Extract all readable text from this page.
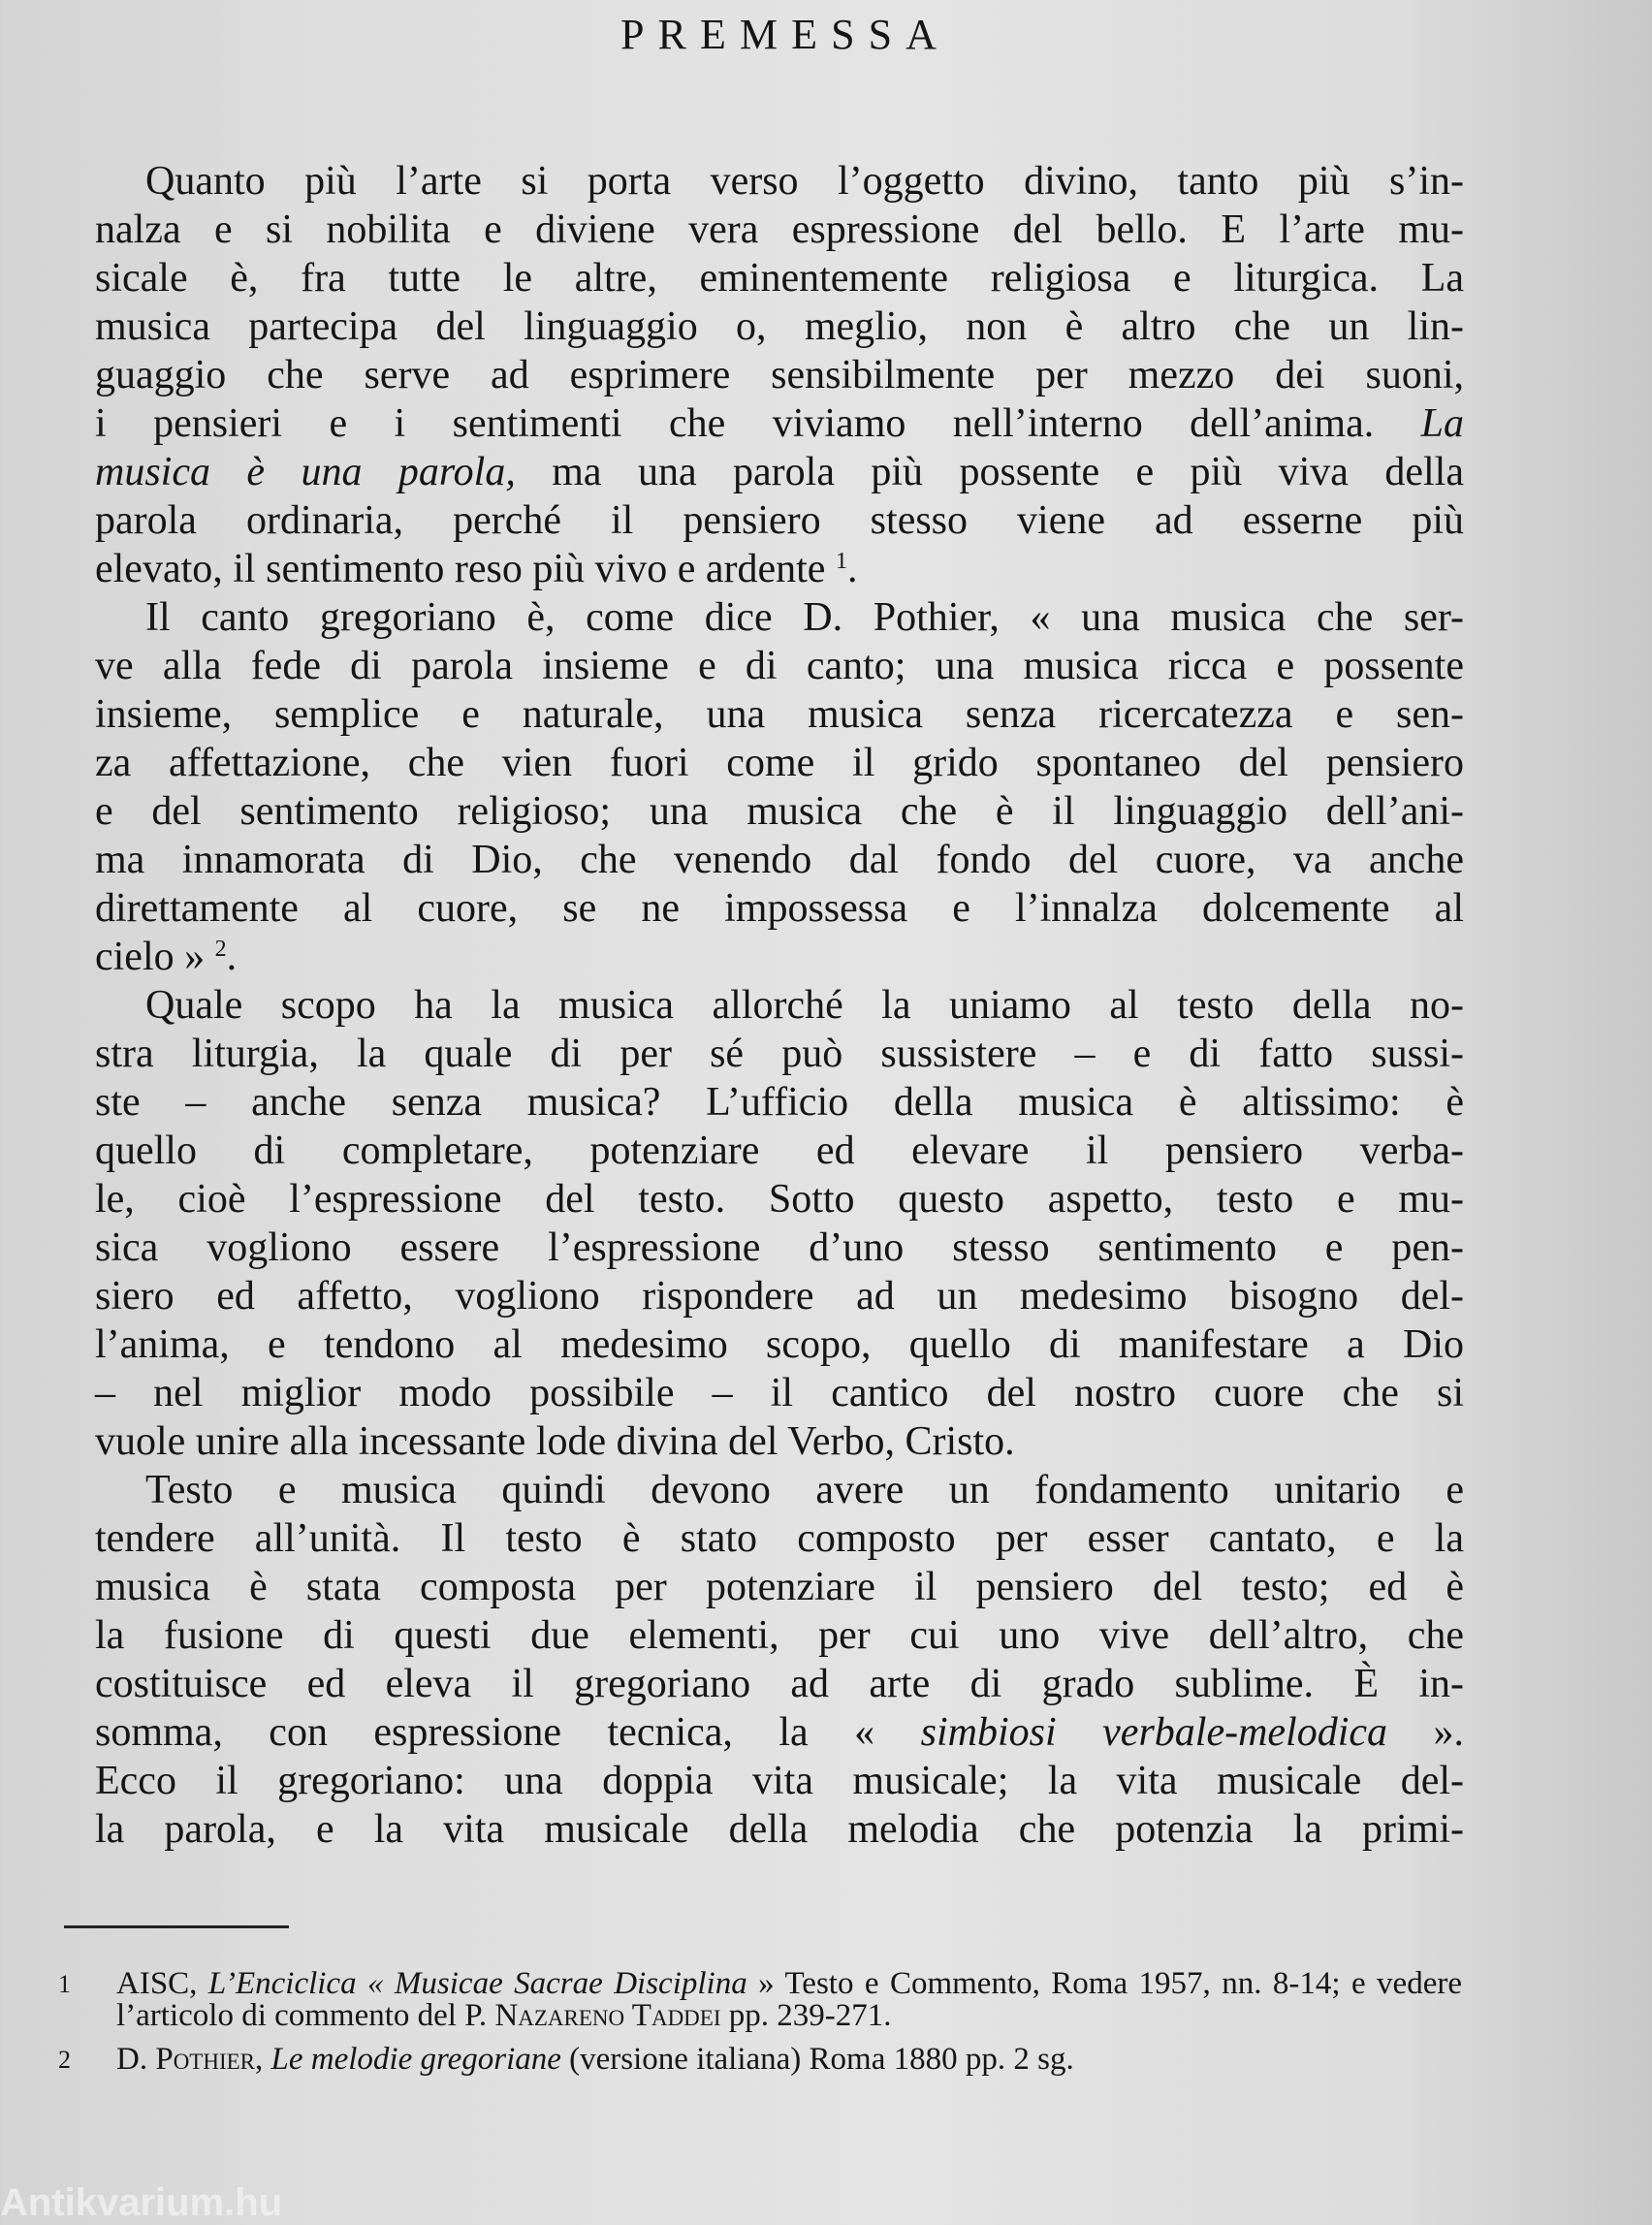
PREMESSA
Quanto più l’arte si porta verso l’oggetto divino, tanto più s’in-
nalza e si nobilita e diviene vera espressione del bello. E l’arte mu-
sicale è, fra tutte le altre, eminentemente religiosa e liturgica. La
musica partecipa del linguaggio o, meglio, non è altro che un lin-
guaggio che serve ad esprimere sensibilmente per mezzo dei suoni,
i pensieri e i sentimenti che viviamo nell’interno dell’anima. La
musica è una parola, ma una parola più possente e più viva della
parola ordinaria, perché il pensiero stesso viene ad esserne più
elevato, il sentimento reso più vivo e ardente $^1$.
Il canto gregoriano è, come dice D. Pothier, « una musica che ser-
ve alla fede di parola insieme e di canto; una musica ricca e possente
insieme, semplice e naturale, una musica senza ricercatezza e sen-
za affettazione, che vien fuori come il grido spontaneo del pensiero
e del sentimento religioso; una musica che è il linguaggio dell’ani-
ma innamorata di Dio, che venendo dal fondo del cuore, va anche
direttamente al cuore, se ne impossessa e l’innalza dolcemente al
cielo » $^2$.
Quale scopo ha la musica allorché la uniamo al testo della no-
stra liturgia, la quale di per sé può sussistere – e di fatto sussi-
ste – anche senza musica? L’ufficio della musica è altissimo: è
quello di completare, potenziare ed elevare il pensiero verba-
le, cioè l’espressione del testo. Sotto questo aspetto, testo e mu-
sica vogliono essere l’espressione d’uno stesso sentimento e pen-
siero ed affetto, vogliono rispondere ad un medesimo bisogno del-
l’anima, e tendono al medesimo scopo, quello di manifestare a Dio
– nel miglior modo possibile – il cantico del nostro cuore che si
vuole unire alla incessante lode divina del Verbo, Cristo.
Testo e musica quindi devono avere un fondamento unitario e
tendere all’unità. Il testo è stato composto per esser cantato, e la
musica è stata composta per potenziare il pensiero del testo; ed è
la fusione di questi due elementi, per cui uno vive dell’altro, che
costituisce ed eleva il gregoriano ad arte di grado sublime. È in-
somma, con espressione tecnica, la « simbiosi verbale-melodica ».
Ecco il gregoriano: una doppia vita musicale; la vita musicale del-
la parola, e la vita musicale della melodia che potenzia la primi-
1	AISC, L’Enciclica « Musicae Sacrae Disciplina » Testo e Commento, Roma 1957, nn. 8-14; e vedere l’articolo di commento del P. Nazareno Taddei pp. 239-271.
2	D. Pothier, Le melodie gregoriane (versione italiana) Roma 1880 pp. 2 sg.
Antikvarium.hu
